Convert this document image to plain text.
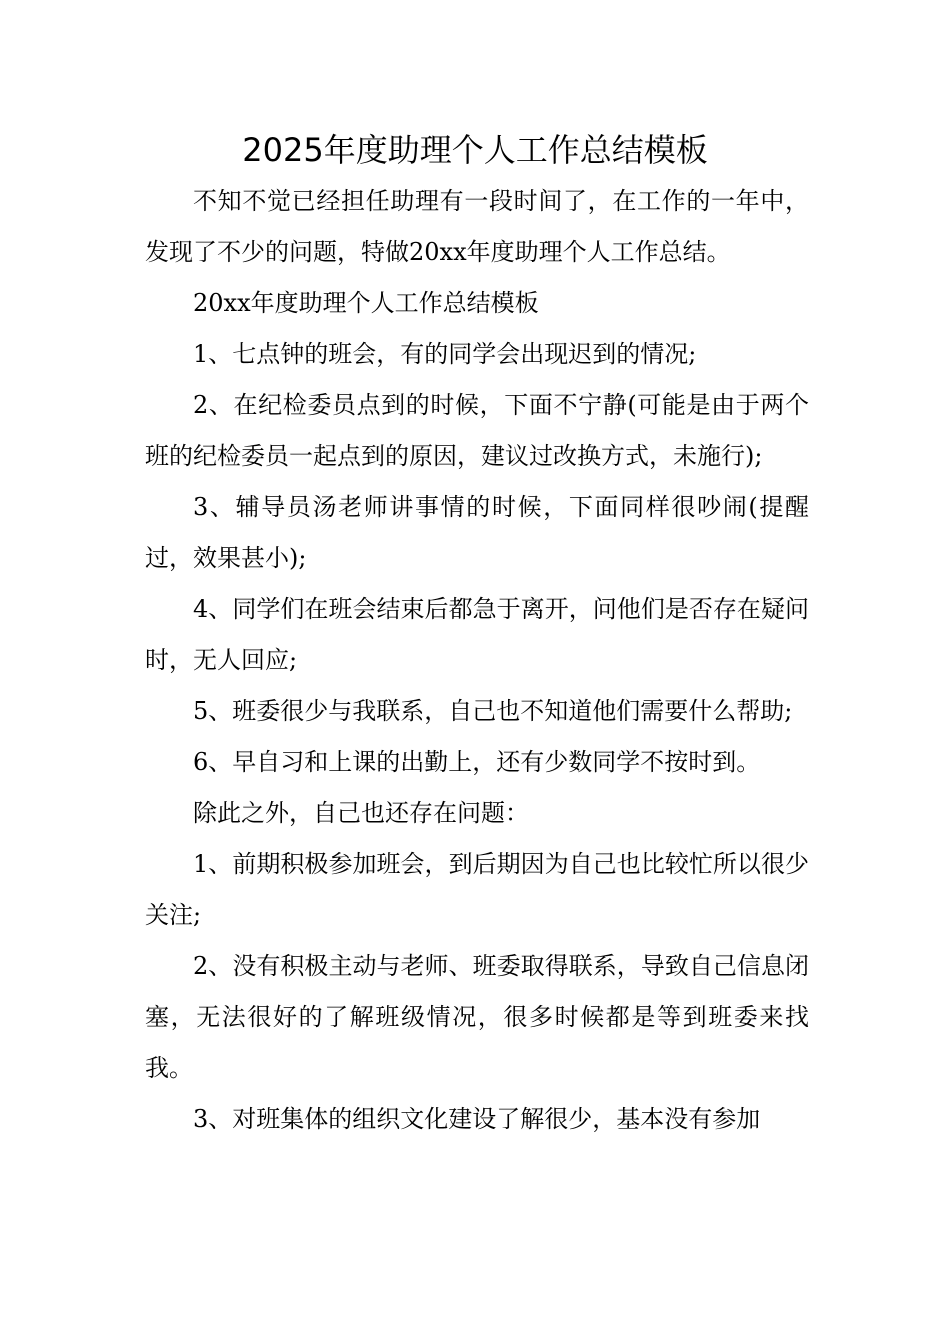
2025年度助理个人工作总结模板

不知不觉已经担任助理有一段时间了，在工作的一年中，发现了不少的问题，特做20xx年度助理个人工作总结。

20xx年度助理个人工作总结模板

1、七点钟的班会，有的同学会出现迟到的情况;

2、在纪检委员点到的时候，下面不宁静(可能是由于两个班的纪检委员一起点到的原因，建议过改换方式，未施行);

3、辅导员汤老师讲事情的时候，下面同样很吵闹(提醒过，效果甚小);

4、同学们在班会结束后都急于离开，问他们是否存在疑问时，无人回应;

5、班委很少与我联系，自己也不知道他们需要什么帮助;

6、早自习和上课的出勤上，还有少数同学不按时到。

除此之外，自己也还存在问题：

1、前期积极参加班会，到后期因为自己也比较忙所以很少关注;

2、没有积极主动与老师、班委取得联系，导致自己信息闭塞，无法很好的了解班级情况，很多时候都是等到班委来找我。

3、对班集体的组织文化建设了解很少，基本没有参加
